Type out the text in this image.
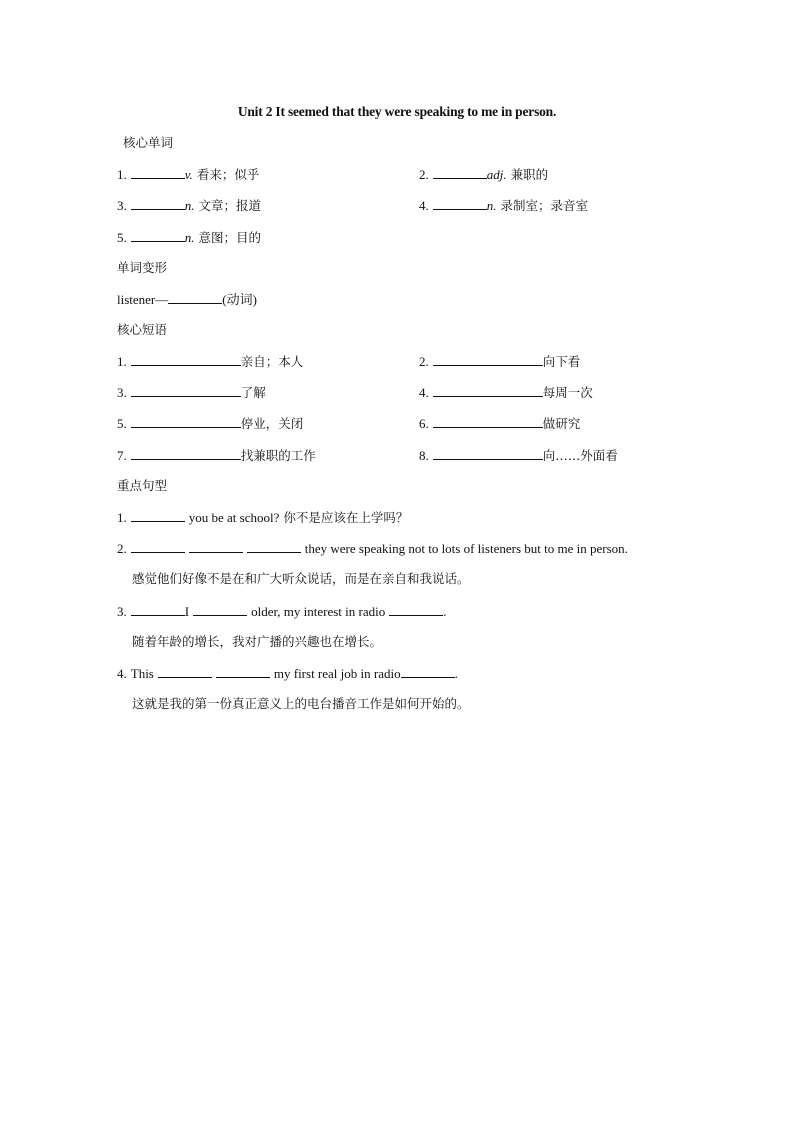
Unit 2 It seemed that they were speaking to me in person.
核心单词
1.	v. 看来；似乎	2.	adj. 兼职的
3.	n. 文章；报道	4.	n. 录制室；录音室
5.	n. 意图；目的
单词变形
listener—	(动词)
核心短语
1.	亲自；本人	2.	向下看
3.	了解	4.	每周一次
5.	停业，关闭	6.	做研究
7.	找兼职的工作	8.	向……外面看
重点句型
1.	you be at school? 你不是应该在上学吗？
2.	they were speaking not to lots of listeners but to me in person.
感觉他们好像不是在和广大听众说话，而是在亲自和我说话。
3.	I	older, my interest in radio	.
随着年龄的增长，我对广播的兴趣也在增长。
4. This	my first real job in radio	.
这就是我的第一份真正意义上的电台播音工作是如何开始的。
